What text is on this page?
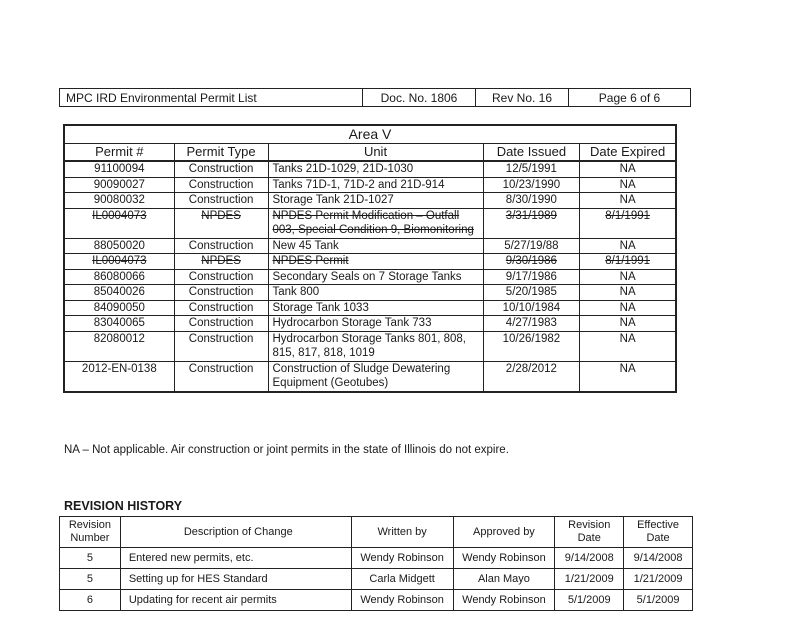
MPC IRD Environmental Permit List	Doc. No. 1806	Rev No. 16	Page 6 of 6
Area V				
Permit #	Permit Type	Unit	Date Issued	Date Expired
91100094	Construction	Tanks 21D-1029, 21D-1030	12/5/1991	NA
90090027	Construction	Tanks 71D-1, 71D-2 and 21D-914	10/23/1990	NA
90080032	Construction	Storage Tank 21D-1027	8/30/1990	NA
IL0004073	NPDES	NPDES Permit Modification – Outfall 003, Special Condition 9, Biomonitoring	3/31/1989	8/1/1991
88050020	Construction	New 45 Tank	5/27/19/88	NA
IL0004073	NPDES	NPDES Permit	9/30/1986	8/1/1991
86080066	Construction	Secondary Seals on 7 Storage Tanks	9/17/1986	NA
85040026	Construction	Tank 800	5/20/1985	NA
84090050	Construction	Storage Tank 1033	10/10/1984	NA
83040065	Construction	Hydrocarbon Storage Tank 733	4/27/1983	NA
82080012	Construction	Hydrocarbon Storage Tanks 801, 808, 815, 817, 818, 1019	10/26/1982	NA
2012-EN-0138	Construction	Construction of Sludge Dewatering Equipment (Geotubes)	2/28/2012	NA
NA – Not applicable. Air construction or joint permits in the state of Illinois do not expire.
REVISION HISTORY
Revision Number	Description of Change	Written by	Approved by	Revision Date	Effective Date
5	Entered new permits, etc.	Wendy Robinson	Wendy Robinson	9/14/2008	9/14/2008
5	Setting up for HES Standard	Carla Midgett	Alan Mayo	1/21/2009	1/21/2009
6	Updating for recent air permits	Wendy Robinson	Wendy Robinson	5/1/2009	5/1/2009
